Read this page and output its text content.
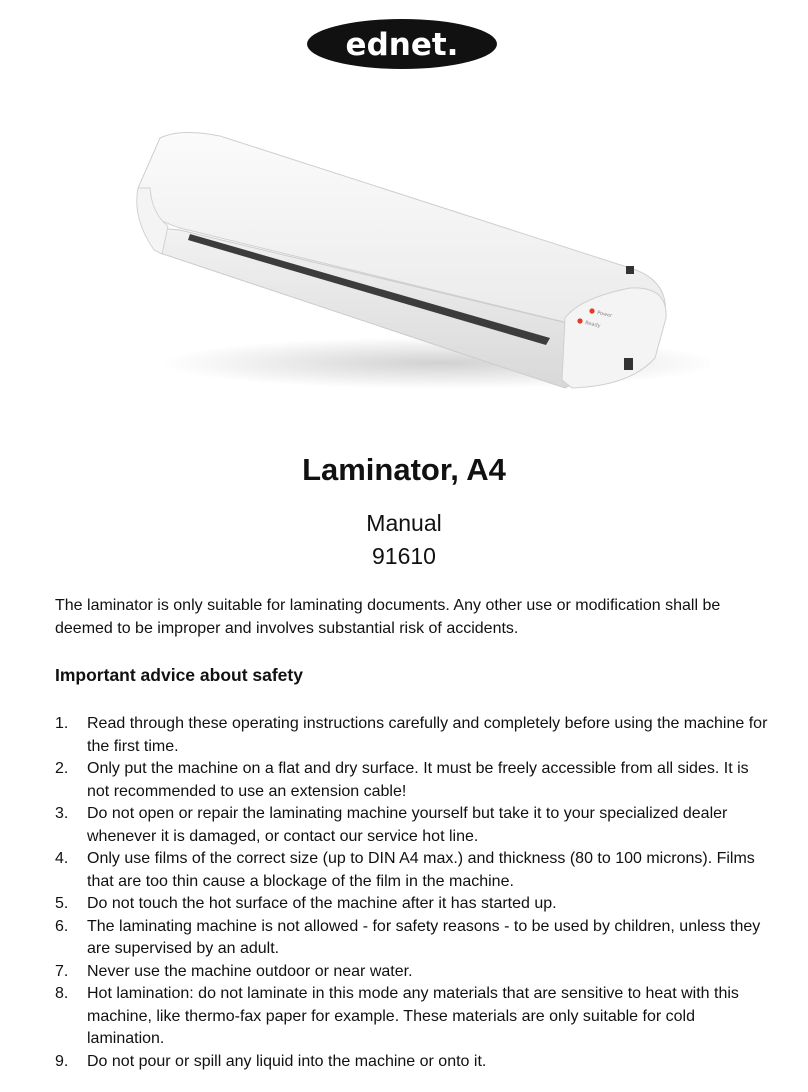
ednet.
Power
Ready
Laminator, A4
Manual
91610

The laminator is only suitable for laminating documents. Any other use or modification shall be deemed to be improper and involves substantial risk of accidents.

Important advice about safety
1. Read through these operating instructions carefully and completely before using the machine for the first time.
2. Only put the machine on a flat and dry surface. It must be freely accessible from all sides. It is not recommended to use an extension cable!
3. Do not open or repair the laminating machine yourself but take it to your specialized dealer whenever it is damaged, or contact our service hot line.
4. Only use films of the correct size (up to DIN A4 max.) and thickness (80 to 100 microns). Films that are too thin cause a blockage of the film in the machine.
5. Do not touch the hot surface of the machine after it has started up.
6. The laminating machine is not allowed - for safety reasons - to be used by children, unless they are supervised by an adult.
7. Never use the machine outdoor or near water.
8. Hot lamination: do not laminate in this mode any materials that are sensitive to heat with this machine, like thermo-fax paper for example. These materials are only suitable for cold lamination.
9. Do not pour or spill any liquid into the machine or onto it.
